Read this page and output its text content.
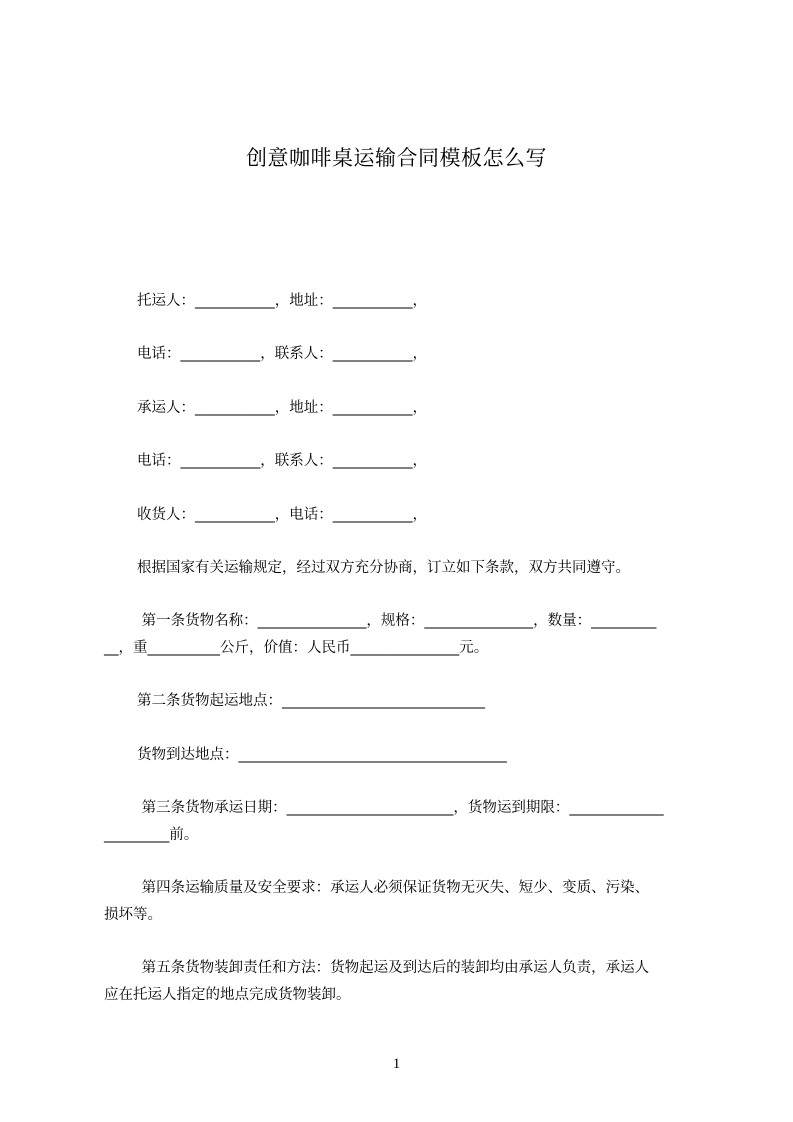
创意咖啡桌运输合同模板怎么写
托运人：___________，地址：___________，
电话：___________，联系人：___________，
承运人：___________，地址：___________，
电话：___________，联系人：___________，
收货人：___________，电话：___________，
根据国家有关运输规定，经过双方充分协商，订立如下条款，双方共同遵守。
第一条货物名称：_______________，规格：_______________，数量：_________
__，重__________公斤，价值：人民币_______________元。
第二条货物起运地点：____________________________
货物到达地点：_____________________________________
第三条货物承运日期：_______________________，货物运到期限：_____________
_________前。
第四条运输质量及安全要求：承运人必须保证货物无灭失、短少、变质、污染、
损坏等。
第五条货物装卸责任和方法：货物起运及到达后的装卸均由承运人负责，承运人
应在托运人指定的地点完成货物装卸。
1
